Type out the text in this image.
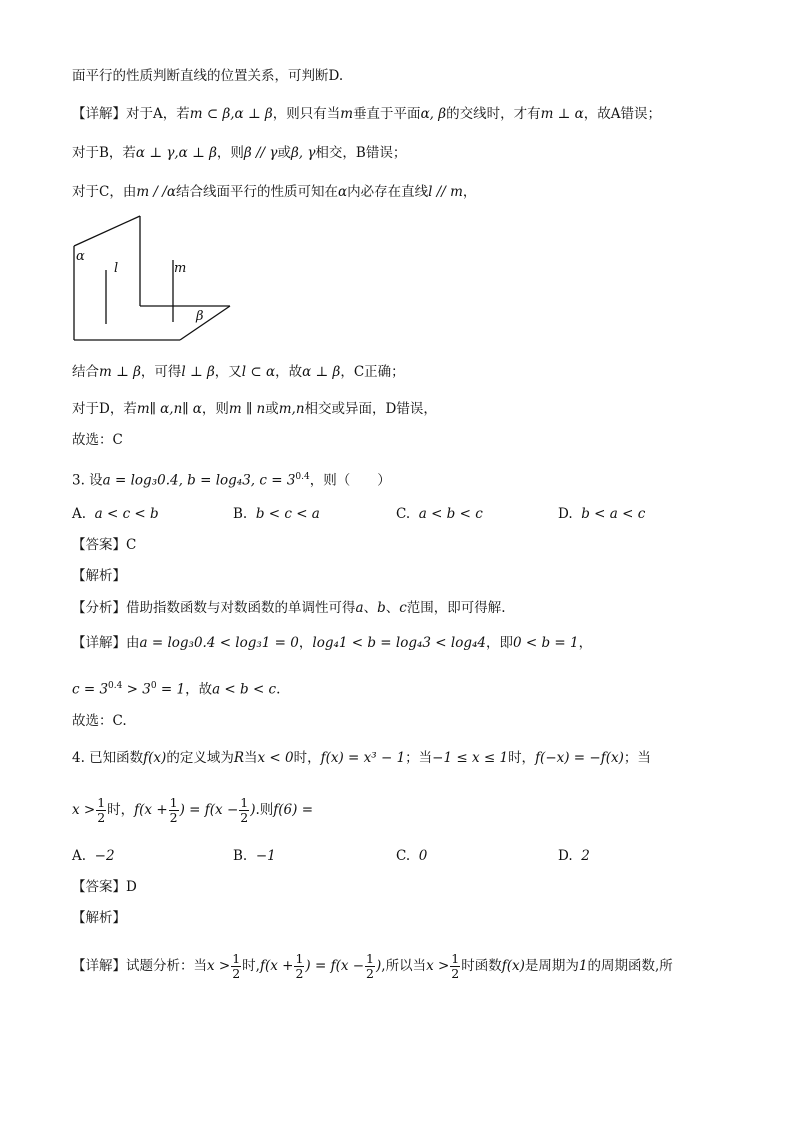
面平行的性质判断直线的位置关系，可判断D.
【详解】对于A，若m ⊂ β,α ⊥ β，则只有当m垂直于平面α, β的交线时，才有m ⊥ α，故A错误；
对于B，若α ⊥ γ,α ⊥ β，则β // γ或β, γ相交，B错误；
对于C，由m / /α结合线面平行的性质可知在α内必存在直线l // m，
α
l	m
β
结合m ⊥ β，可得l ⊥ β，又l ⊂ α，故α ⊥ β，C正确；
对于D，若m∥ α,n∥ α，则m ∥ n或m,n相交或异面，D错误，
故选：C
3. 设a = log₃0.4, b = log₄3, $c = 3^{0.4}$，则（　　）
A. a < c < b	B. b < c < a	C. a < b < c	D. b < a < c
【答案】C
【解析】
【分析】借助指数函数与对数函数的单调性可得a、b、c范围，即可得解.
【详解】由a = log₃0.4 < log₃1 = 0，log₄1 < b = log₄3 < log₄4，即0 < b = 1，
$c = 3^{0.4} > 3^0 = 1$，故a < b < c.
故选：C.
4. 已知函数f(x)的定义域为R当x < 0时，f(x) = x³ − 1；当−1 ≤ x ≤ 1时，f(−x) = −f(x)；当
$x > \frac{1}{2}$ 时，$f(x + \frac{1}{2}$ ) = $f(x - \frac{1}{2}$ ).则f(6) =
A. −2	B. −1	C. 0	D. 2
【答案】D
【解析】
【详解】试题分析：当$x > \frac{1}{2}$ 时$,f(x + \frac{1}{2}$ ) = $f(x - \frac{1}{2}$ ),所以当$x > \frac{1}{2}$ 时函数f(x)是周期为1的周期函数,所
